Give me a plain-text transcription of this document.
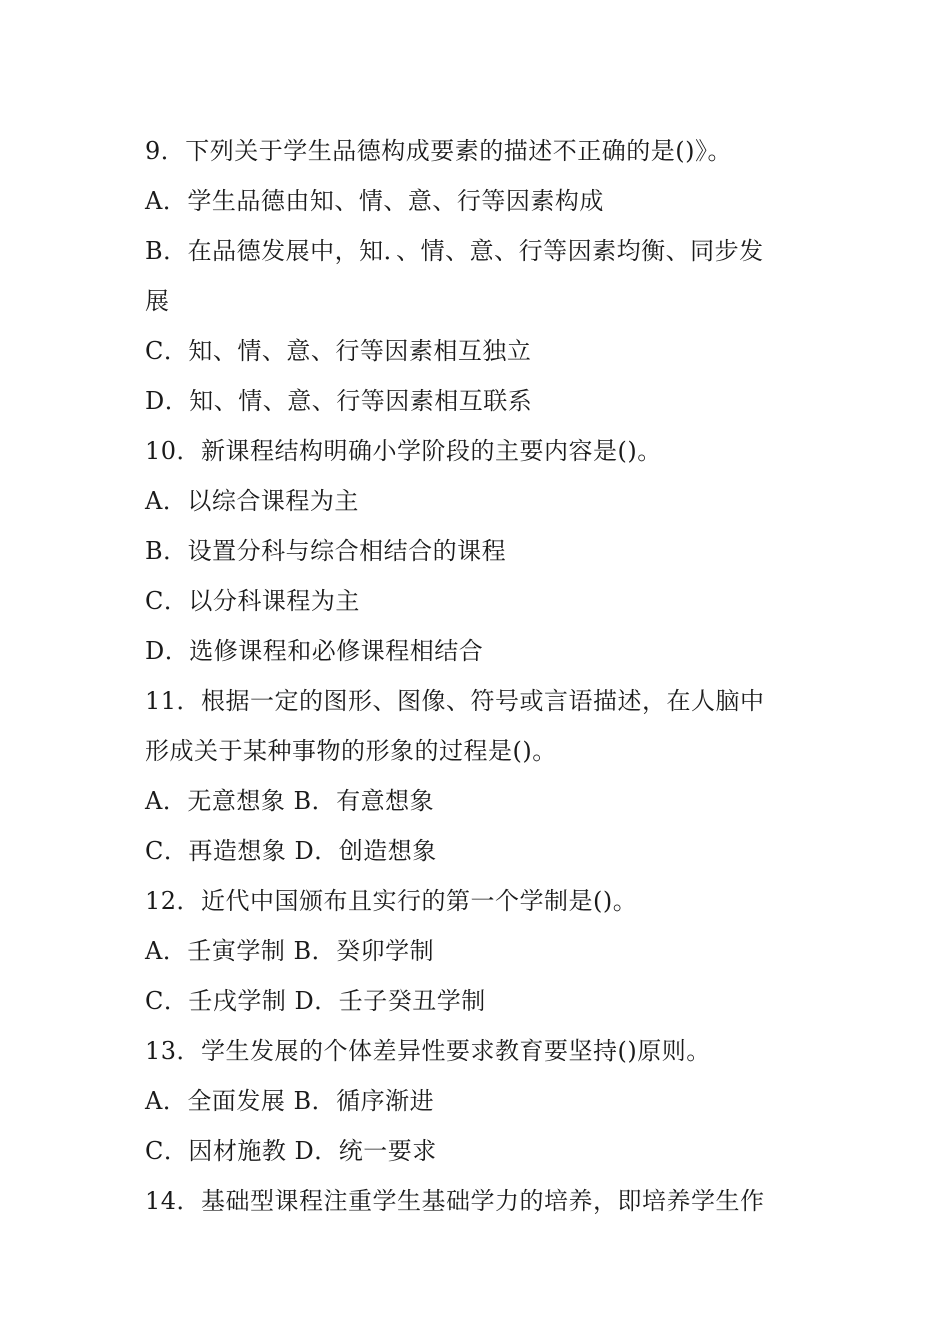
9．下列关于学生品德构成要素的描述不正确的是()》。
A．学生品德由知、情、意、行等因素构成
B．在品德发展中，知．、情、意、行等因素均衡、同步发
展
C．知、情、意、行等因素相互独立
D．知、情、意、行等因素相互联系
10．新课程结构明确小学阶段的主要内容是()。
A．以综合课程为主
B．设置分科与综合相结合的课程
C．以分科课程为主
D．选修课程和必修课程相结合
11．根据一定的图形、图像、符号或言语描述，在人脑中
形成关于某种事物的形象的过程是()。
A．无意想象 B．有意想象
C．再造想象 D．创造想象
12．近代中国颁布且实行的第一个学制是()。
A．壬寅学制 B．癸卯学制
C．壬戌学制 D．壬子癸丑学制
13．学生发展的个体差异性要求教育要坚持()原则。
A．全面发展 B．循序渐进
C．因材施教 D．统一要求
14．基础型课程注重学生基础学力的培养，即培养学生作
